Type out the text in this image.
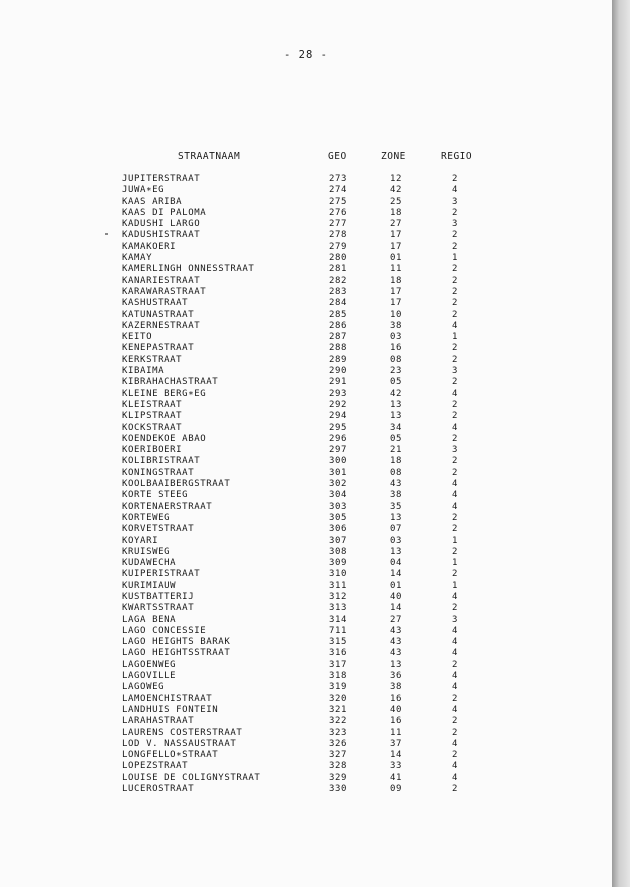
- 28 -
STRAATNAAM	GEO	ZONE	REGIO
JUPITERSTRAAT	273	12	2
JUWA∗EG	274	42	4
KAAS ARIBA	275	25	3
KAAS DI PALOMA	276	18	2
KADUSHI LARGO	277	27	3
KADUSHISTRAAT	278	17	2
KAMAKOERI	279	17	2
KAMAY	280	01	1
KAMERLINGH ONNESSTRAAT	281	11	2
KANARIESTRAAT	282	18	2
KARAWARASTRAAT	283	17	2
KASHUSTRAAT	284	17	2
KATUNASTRAAT	285	10	2
KAZERNESTRAAT	286	38	4
KEITO	287	03	1
KENEPASTRAAT	288	16	2
KERKSTRAAT	289	08	2
KIBAIMA	290	23	3
KIBRAHACHASTRAAT	291	05	2
KLEINE BERG∗EG	293	42	4
KLEISTRAAT	292	13	2
KLIPSTRAAT	294	13	2
KOCKSTRAAT	295	34	4
KOENDEKOE ABAO	296	05	2
KOERIBOERI	297	21	3
KOLIBRISTRAAT	300	18	2
KONINGSTRAAT	301	08	2
KOOLBAAIBERGSTRAAT	302	43	4
KORTE STEEG	304	38	4
KORTENAERSTRAAT	303	35	4
KORTEWEG	305	13	2
KORVETSTRAAT	306	07	2
KOYARI	307	03	1
KRUISWEG	308	13	2
KUDAWECHA	309	04	1
KUIPERISTRAAT	310	14	2
KURIMIAUW	311	01	1
KUSTBATTERIJ	312	40	4
KWARTSSTRAAT	313	14	2
LAGA BENA	314	27	3
LAGO CONCESSIE	711	43	4
LAGO HEIGHTS BARAK	315	43	4
LAGO HEIGHTSSTRAAT	316	43	4
LAGOENWEG	317	13	2
LAGOVILLE	318	36	4
LAGOWEG	319	38	4
LAMOENCHISTRAAT	320	16	2
LANDHUIS FONTEIN	321	40	4
LARAHASTRAAT	322	16	2
LAURENS COSTERSTRAAT	323	11	2
LOD V. NASSAUSTRAAT	326	37	4
LONGFELLO∗STRAAT	327	14	2
LOPEZSTRAAT	328	33	4
LOUISE DE COLIGNYSTRAAT	329	41	4
LUCEROSTRAAT	330	09	2
